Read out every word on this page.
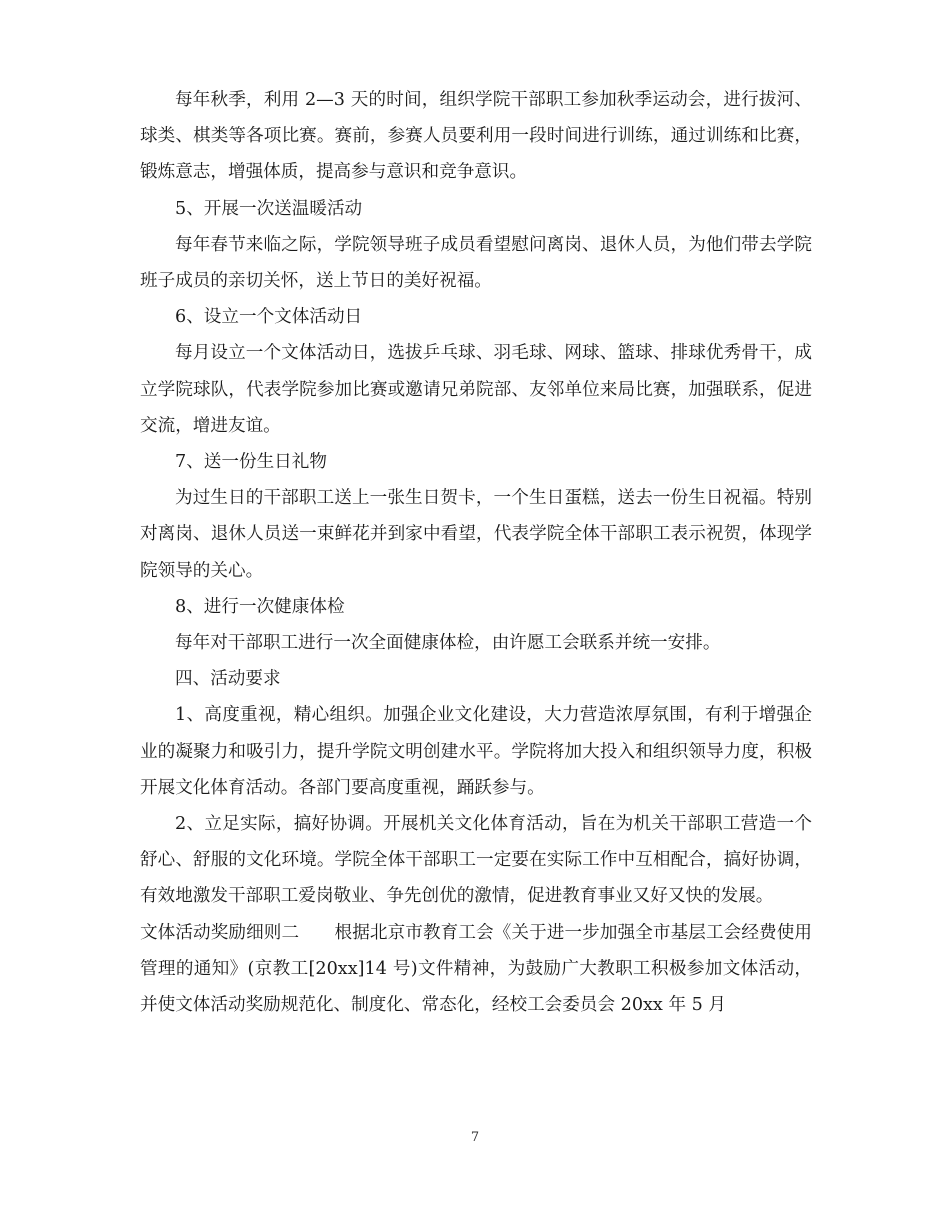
每年秋季，利用 2—3 天的时间，组织学院干部职工参加秋季运动会，进行拔河、球类、棋类等各项比赛。赛前，参赛人员要利用一段时间进行训练，通过训练和比赛，锻炼意志，增强体质，提高参与意识和竞争意识。

5、开展一次送温暖活动

每年春节来临之际，学院领导班子成员看望慰问离岗、退休人员，为他们带去学院班子成员的亲切关怀，送上节日的美好祝福。

6、设立一个文体活动日

每月设立一个文体活动日，选拔乒乓球、羽毛球、网球、篮球、排球优秀骨干，成立学院球队，代表学院参加比赛或邀请兄弟院部、友邻单位来局比赛，加强联系，促进交流，增进友谊。

7、送一份生日礼物

为过生日的干部职工送上一张生日贺卡，一个生日蛋糕，送去一份生日祝福。特别对离岗、退休人员送一束鲜花并到家中看望，代表学院全体干部职工表示祝贺，体现学院领导的关心。

8、进行一次健康体检

每年对干部职工进行一次全面健康体检，由许愿工会联系并统一安排。

四、活动要求

1、高度重视，精心组织。加强企业文化建设，大力营造浓厚氛围，有利于增强企业的凝聚力和吸引力，提升学院文明创建水平。学院将加大投入和组织领导力度，积极开展文化体育活动。各部门要高度重视，踊跃参与。

2、立足实际，搞好协调。开展机关文化体育活动，旨在为机关干部职工营造一个舒心、舒服的文化环境。学院全体干部职工一定要在实际工作中互相配合，搞好协调，有效地激发干部职工爱岗敬业、争先创优的激情，促进教育事业又好又快的发展。

文体活动奖励细则二　　根据北京市教育工会《关于进一步加强全市基层工会经费使用管理的通知》(京教工[20xx]14 号)文件精神，为鼓励广大教职工积极参加文体活动，并使文体活动奖励规范化、制度化、常态化，经校工会委员会 20xx 年 5 月

7
